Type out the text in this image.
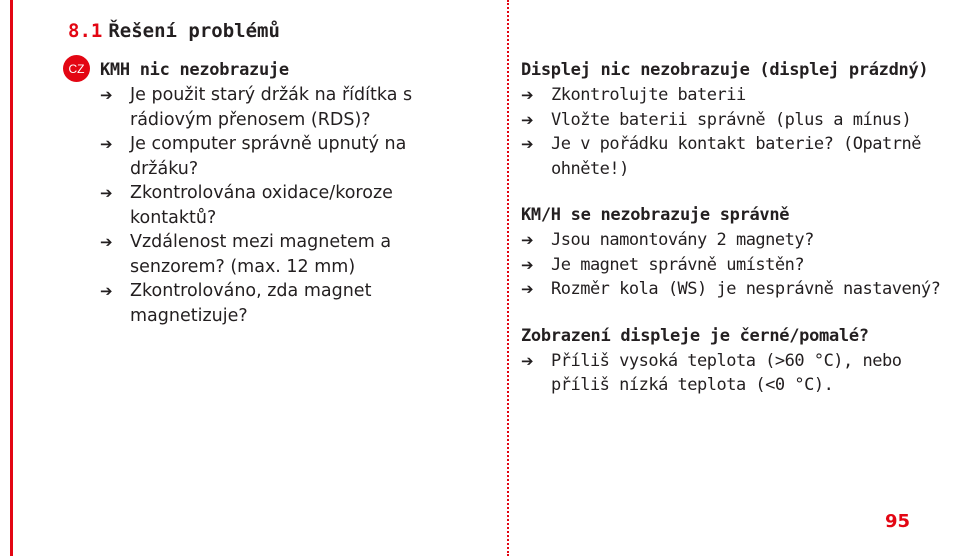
8.1 Řešení problémů
CZ KMH nic nezobrazuje
➔ Je použit starý držák na řídítka s rádiovým přenosem (RDS)?
➔ Je computer správně upnutý na držáku?
➔ Zkontrolována oxidace/koroze kontaktů?
➔ Vzdálenost mezi magnetem a senzorem? (max. 12 mm)
➔ Zkontrolováno, zda magnet magnetizuje?
Displej nic nezobrazuje (displej prázdný)
➔	Zkontrolujte baterii
➔	Vložte baterii správně (plus a mínus)
➔	Je v pořádku kontakt baterie? (Opatrně ohněte!)
KM/H se nezobrazuje správně
➔	Jsou namontovány 2 magnety?
➔	Je magnet správně umístěn?
➔	Rozměr kola (WS) je nesprávně nastavený?
Zobrazení displeje je černé/pomalé?
➔	Příliš vysoká teplota (>60 °C), nebo příliš nízká teplota (<0 °C).
95
